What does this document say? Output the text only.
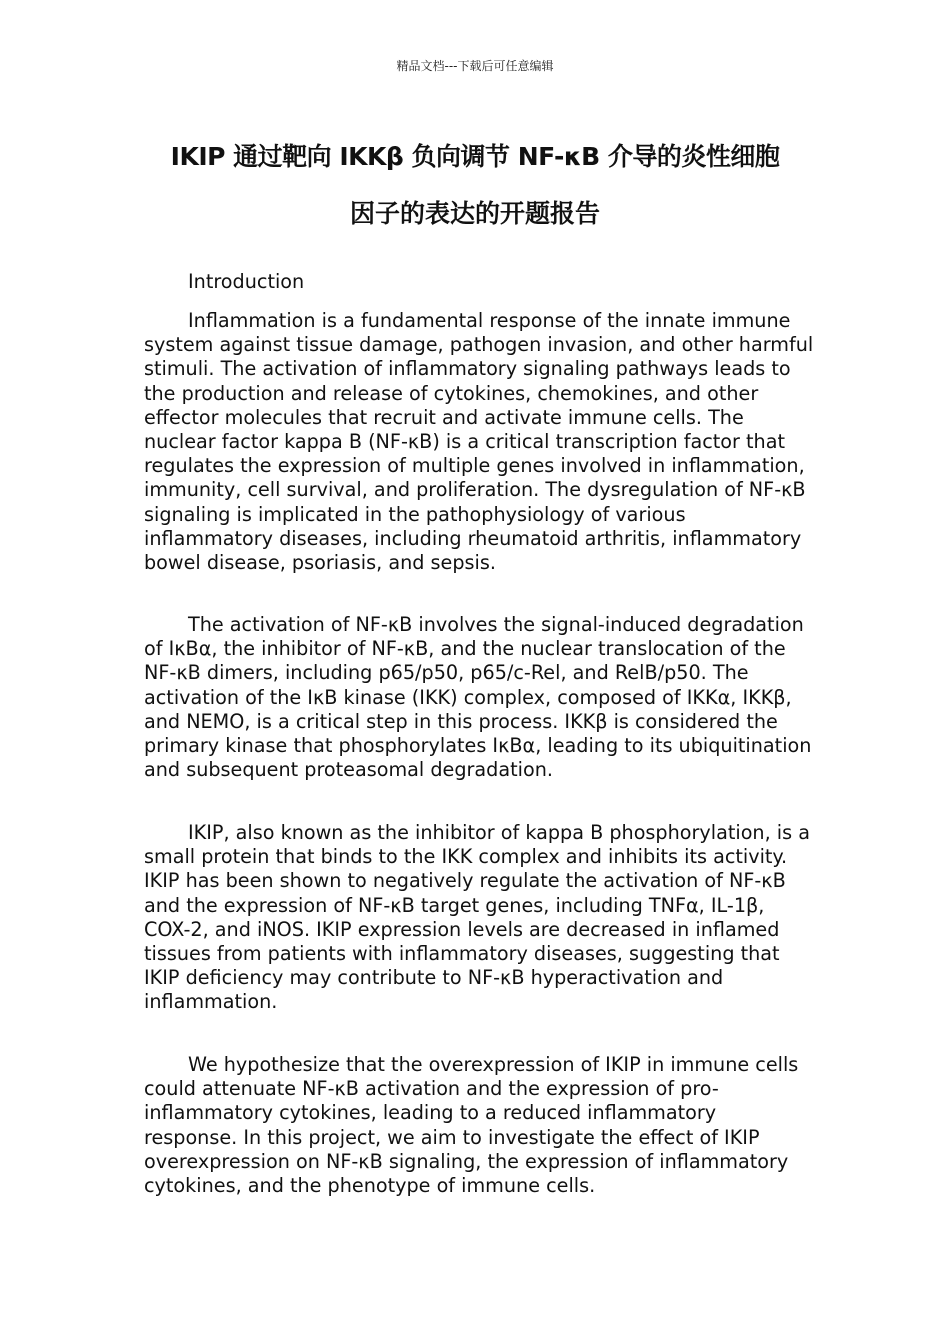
精品文档---下载后可任意编辑
IKIP 通过靶向 IKKβ 负向调节 NF-κB 介导的炎性细胞
因子的表达的开题报告
Introduction

Inflammation is a fundamental response of the innate immune system against tissue damage, pathogen invasion, and other harmful stimuli. The activation of inflammatory signaling pathways leads to the production and release of cytokines, chemokines, and other effector molecules that recruit and activate immune cells. The nuclear factor kappa B (NF-κB) is a critical transcription factor that regulates the expression of multiple genes involved in inflammation, immunity, cell survival, and proliferation. The dysregulation of NF-κB signaling is implicated in the pathophysiology of various inflammatory diseases, including rheumatoid arthritis, inflammatory bowel disease, psoriasis, and sepsis.

The activation of NF-κB involves the signal-induced degradation of IκBα, the inhibitor of NF-κB, and the nuclear translocation of the NF-κB dimers, including p65/p50, p65/c-Rel, and RelB/p50. The activation of the IκB kinase (IKK) complex, composed of IKKα, IKKβ, and NEMO, is a critical step in this process. IKKβ is considered the primary kinase that phosphorylates IκBα, leading to its ubiquitination and subsequent proteasomal degradation.

IKIP, also known as the inhibitor of kappa B phosphorylation, is a small protein that binds to the IKK complex and inhibits its activity. IKIP has been shown to negatively regulate the activation of NF-κB and the expression of NF-κB target genes, including TNFα, IL-1β, COX-2, and iNOS. IKIP expression levels are decreased in inflamed tissues from patients with inflammatory diseases, suggesting that IKIP deficiency may contribute to NF-κB hyperactivation and inflammation.

We hypothesize that the overexpression of IKIP in immune cells could attenuate NF-κB activation and the expression of pro-inflammatory cytokines, leading to a reduced inflammatory response. In this project, we aim to investigate the effect of IKIP overexpression on NF-κB signaling, the expression of inflammatory cytokines, and the phenotype of immune cells.
